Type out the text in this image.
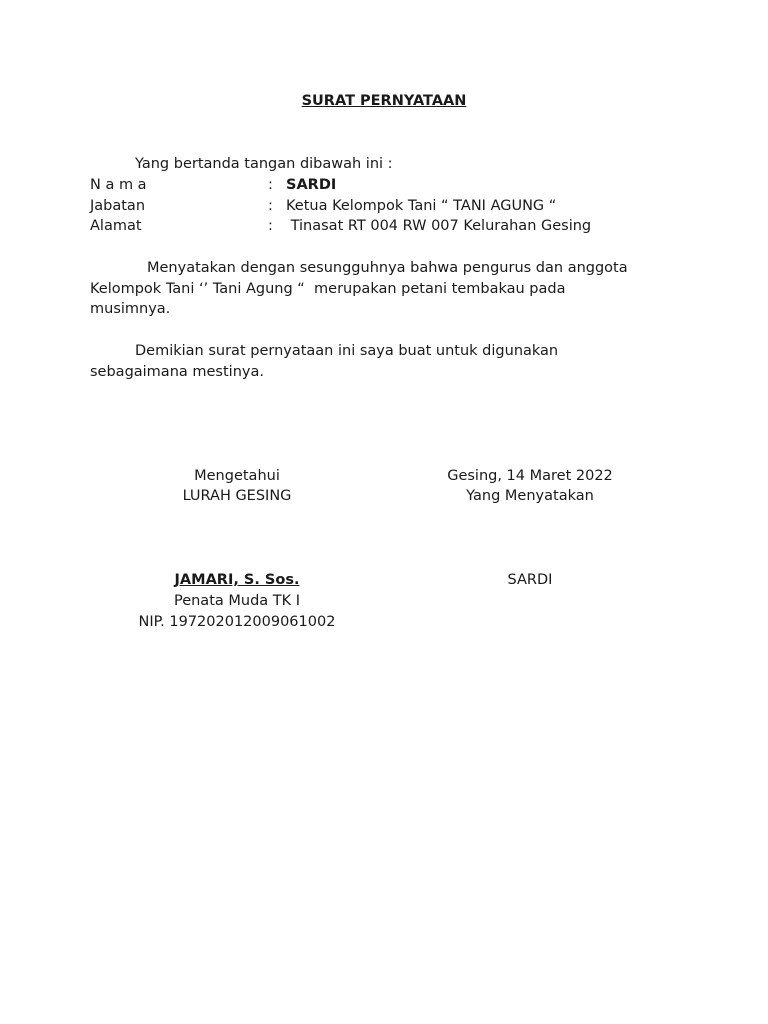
SURAT PERNYATAAN
Yang bertanda tangan dibawah ini :
N a m a	: SARDI
Jabatan	: Ketua Kelompok Tani “ TANI AGUNG “
Alamat	: Tinasat RT 004 RW 007 Kelurahan Gesing
Menyatakan dengan sesungguhnya bahwa pengurus dan anggota
Kelompok Tani ‘’ Tani Agung “  merupakan petani tembakau pada
musimnya.
Demikian surat pernyataan ini saya buat untuk digunakan
sebagaimana mestinya.
Mengetahui
LURAH GESING
JAMARI, S. Sos.
Penata Muda TK I
NIP. 197202012009061002
Gesing, 14 Maret 2022
Yang Menyatakan
SARDI
